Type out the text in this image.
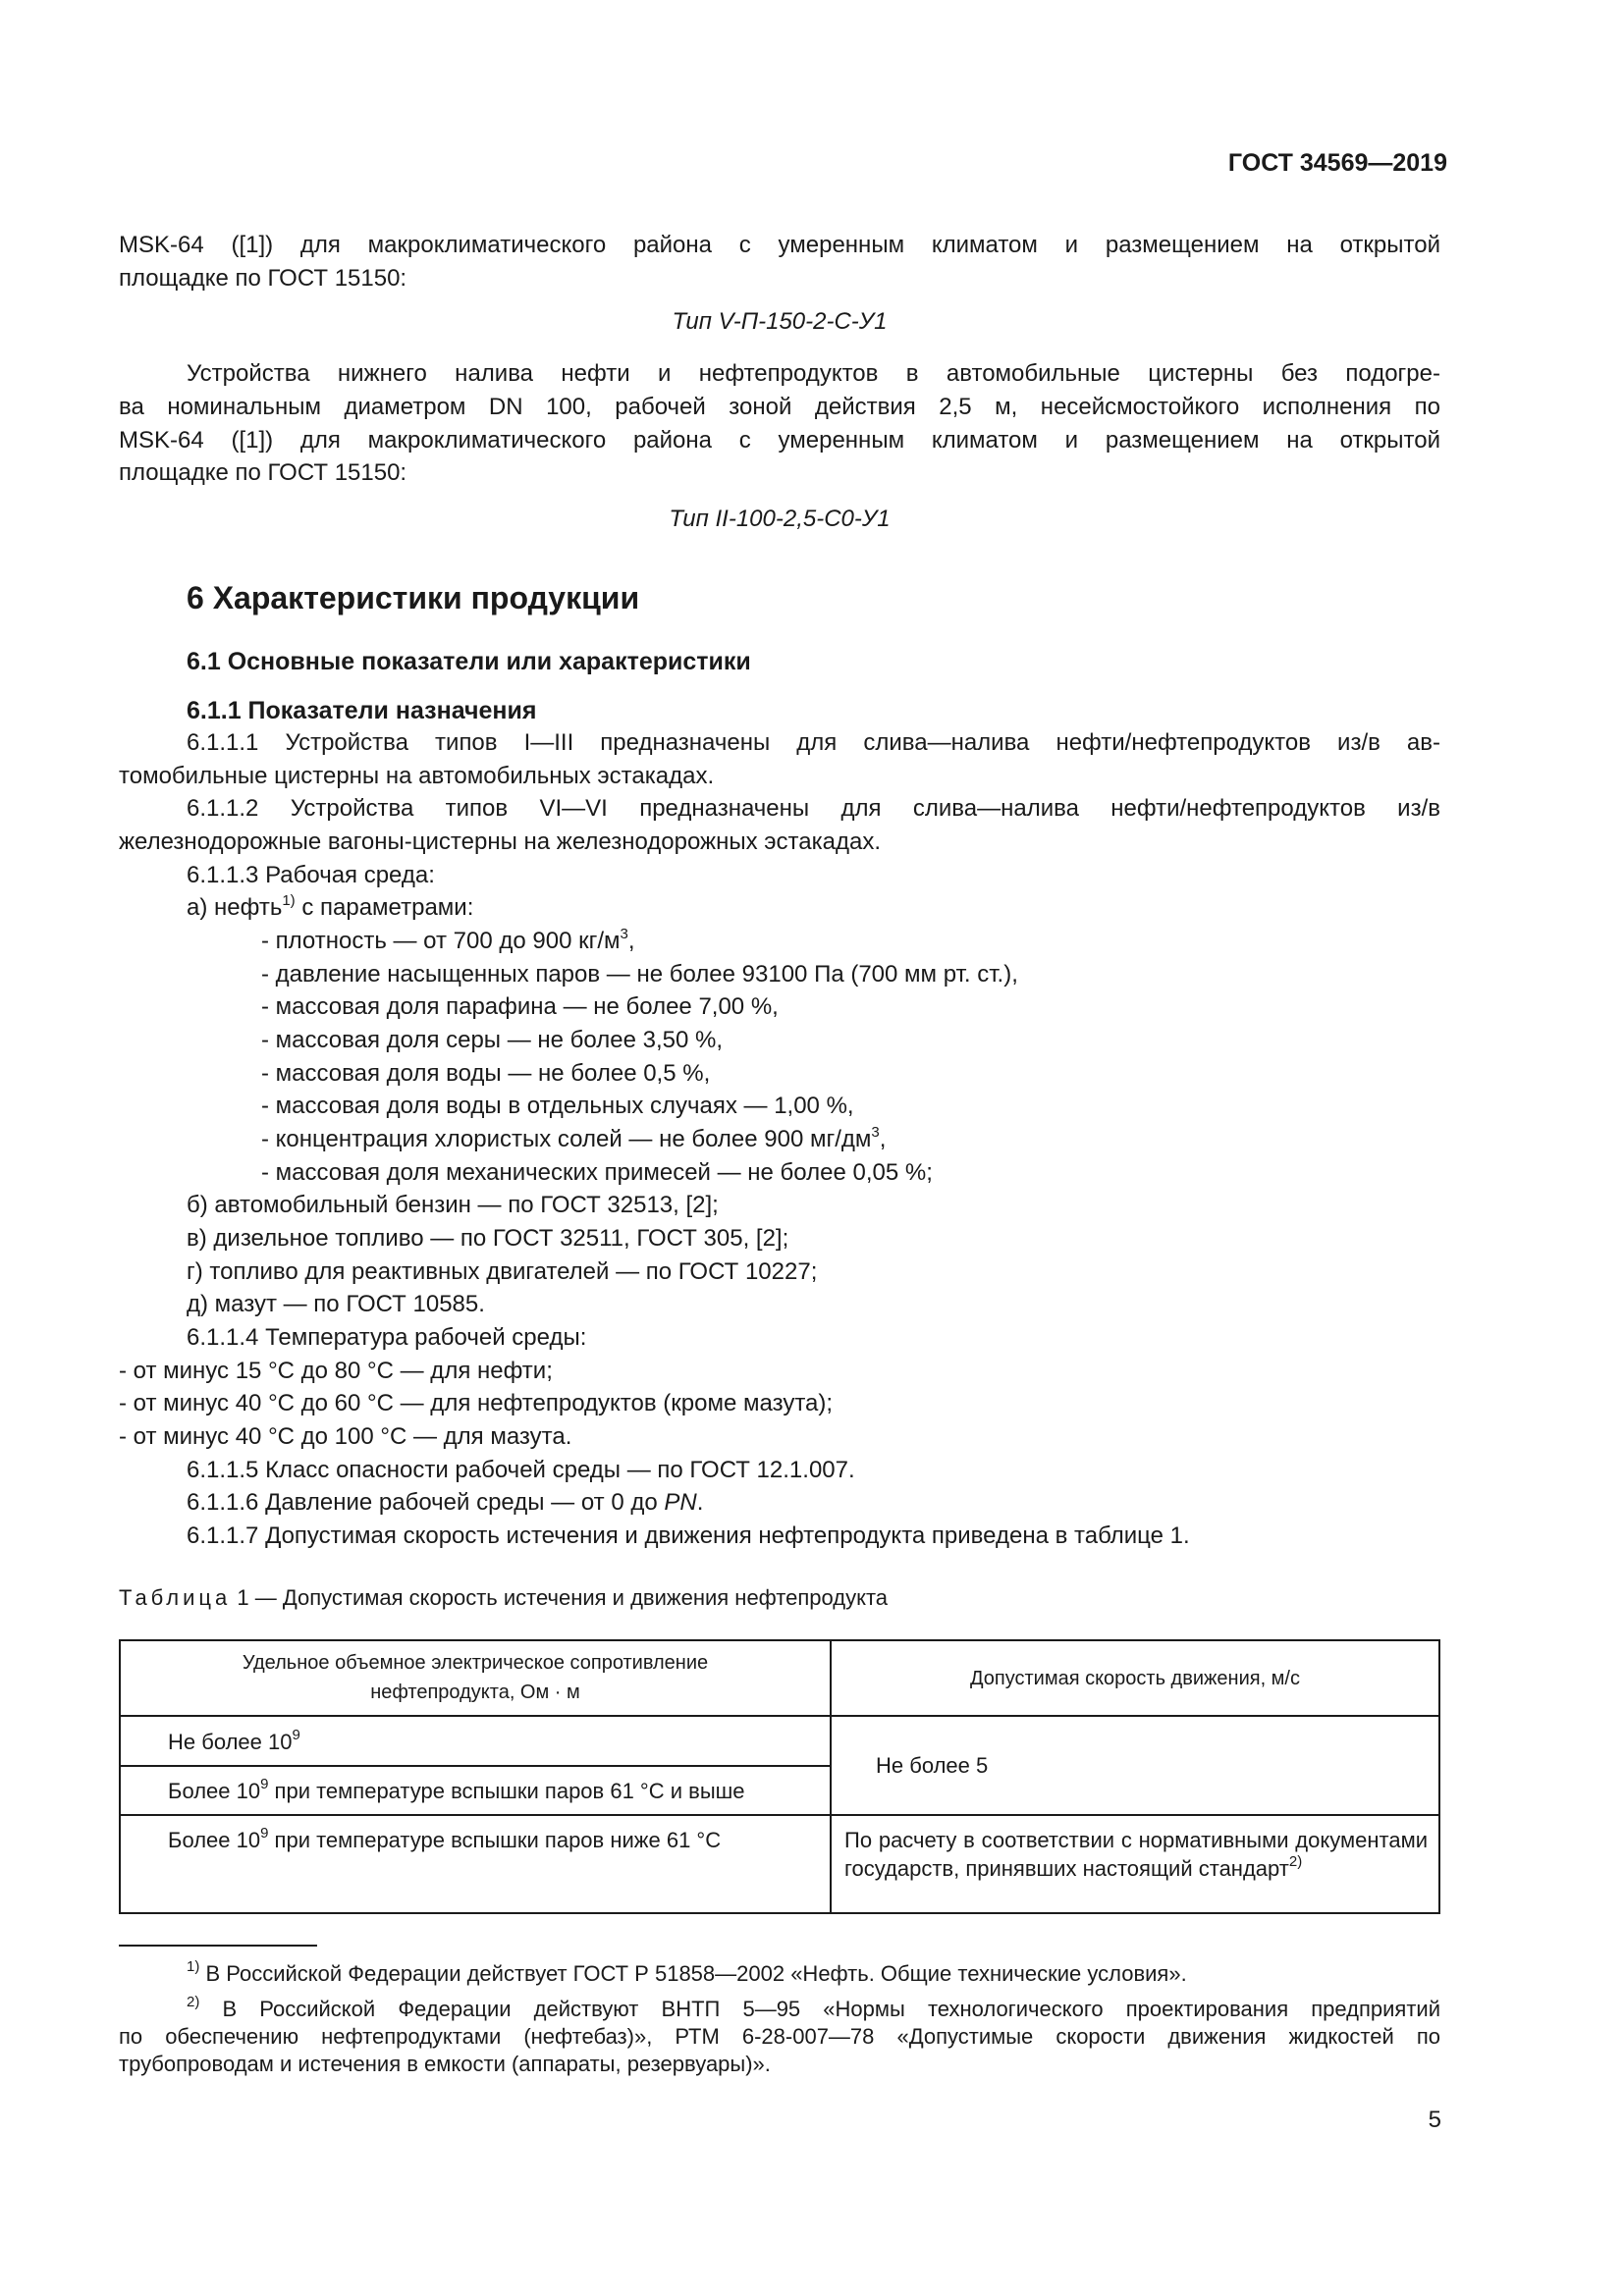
ГОСТ 34569—2019
MSK-64 ([1]) для макроклиматического района с умеренным климатом и размещением на открытой
площадке по ГОСТ 15150:
Тип V-П-150-2-С-У1
Устройства нижнего налива нефти и нефтепродуктов в автомобильные цистерны без подогре-
ва номинальным диаметром DN 100, рабочей зоной действия 2,5 м, несейсмостойкого исполнения по
MSK-64 ([1]) для макроклиматического района с умеренным климатом и размещением на открытой
площадке по ГОСТ 15150:
Тип II-100-2,5-С0-У1
6 Характеристики продукции
6.1 Основные показатели или характеристики
6.1.1 Показатели назначения
6.1.1.1 Устройства типов I—III предназначены для слива—налива нефти/нефтепродуктов из/в ав-
томобильные цистерны на автомобильных эстакадах.
6.1.1.2 Устройства типов VI—VI предназначены для слива—налива нефти/нефтепродуктов из/в
железнодорожные вагоны-цистерны на железнодорожных эстакадах.
6.1.1.3 Рабочая среда:
а) нефть$^{1)}$ с параметрами:
- плотность — от 700 до 900 $кг/м^3$,
- давление насыщенных паров — не более 93100 Па (700 мм рт. ст.),
- массовая доля парафина — не более 7,00 %,
- массовая доля серы — не более 3,50 %,
- массовая доля воды — не более 0,5 %,
- массовая доля воды в отдельных случаях — 1,00 %,
- концентрация хлористых солей — не более 900 $мг/дм^3$,
- массовая доля механических примесей — не более 0,05 %;
б) автомобильный бензин — по ГОСТ 32513, [2];
в) дизельное топливо — по ГОСТ 32511, ГОСТ 305, [2];
г) топливо для реактивных двигателей — по ГОСТ 10227;
д) мазут — по ГОСТ 10585.
6.1.1.4 Температура рабочей среды:
- от минус 15 °С до 80 °С — для нефти;
- от минус 40 °С до 60 °С — для нефтепродуктов (кроме мазута);
- от минус 40 °С до 100 °С — для мазута.
6.1.1.5 Класс опасности рабочей среды — по ГОСТ 12.1.007.
6.1.1.6 Давление рабочей среды — от 0 до PN.
6.1.1.7 Допустимая скорость истечения и движения нефтепродукта приведена в таблице 1.
Таблица 1 — Допустимая скорость истечения и движения нефтепродукта
Удельное объемное электрическое сопротивление
нефтепродукта, Ом · м
Допустимая скорость движения, м/с
Не более $10^9$
Более $10^9$ при температуре вспышки паров 61 °С и выше
Не более 5
Более $10^9$ при температуре вспышки паров ниже 61 °С	По расчету в соответствии с нормативными документами государств, принявших настоящий стандарт$^{2)}$
$^{1)}$ В Российской Федерации действует ГОСТ Р 51858—2002 «Нефть. Общие технические условия».
$^{2)}$ В Российской Федерации действуют ВНТП 5—95 «Нормы технологического проектирования предприятий
по обеспечению нефтепродуктами (нефтебаз)», РТМ 6-28-007—78 «Допустимые скорости движения жидкостей по
трубопроводам и истечения в емкости (аппараты, резервуары)».
5
